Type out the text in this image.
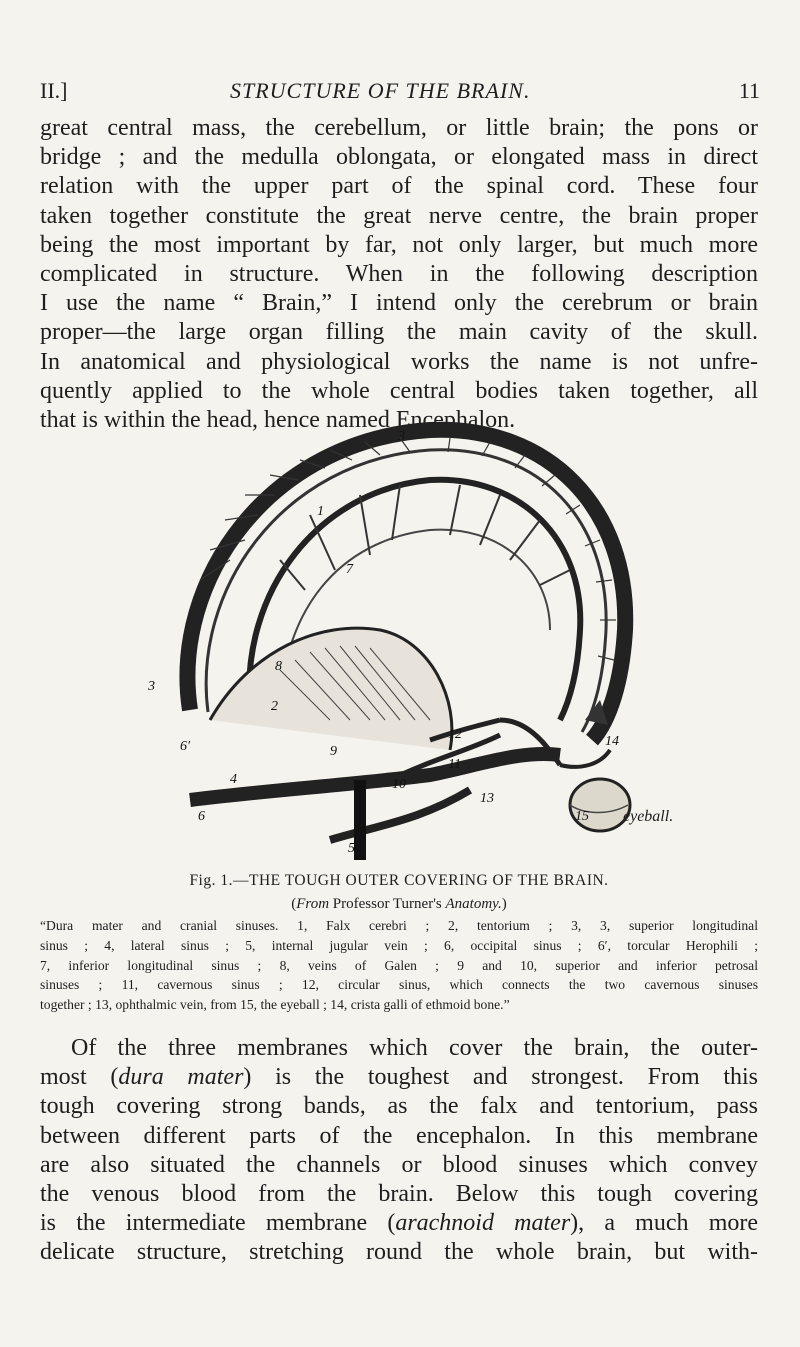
II.]	STRUCTURE OF THE BRAIN.	11
great central mass, the cerebellum, or little brain; the pons or
bridge ; and the medulla oblongata, or elongated mass in direct
relation with the upper part of the spinal cord. These four
taken together constitute the great nerve centre, the brain proper
being the most important by far, not only larger, but much more
complicated in structure. When in the following description
I use the name “ Brain,” I intend only the cerebrum or brain
proper—the large organ filling the main cavity of the skull.
In anatomical and physiological works the name is not unfre-
quently applied to the whole central bodies taken together, all
that is within the head, hence named Encephalon.
1
2
3
3
4
5
6
6′
7
8
9
10
11
12
13
14
15 eyeball.
Fig. 1.—THE TOUGH OUTER COVERING OF THE BRAIN.
(From Professor Turner's Anatomy.)
“Dura mater and cranial sinuses. 1, Falx cerebri ; 2, tentorium ; 3, 3, superior longitudinal
sinus ; 4, lateral sinus ; 5, internal jugular vein ; 6, occipital sinus ; 6′, torcular Herophili ;
7, inferior longitudinal sinus ; 8, veins of Galen ; 9 and 10, superior and inferior petrosal
sinuses ; 11, cavernous sinus ; 12, circular sinus, which connects the two cavernous sinuses
together ; 13, ophthalmic vein, from 15, the eyeball ; 14, crista galli of ethmoid bone.”
Of the three membranes which cover the brain, the outer-
most (dura mater) is the toughest and strongest. From this
tough covering strong bands, as the falx and tentorium, pass
between different parts of the encephalon. In this membrane
are also situated the channels or blood sinuses which convey
the venous blood from the brain. Below this tough covering
is the intermediate membrane (arachnoid mater), a much more
delicate structure, stretching round the whole brain, but with-
